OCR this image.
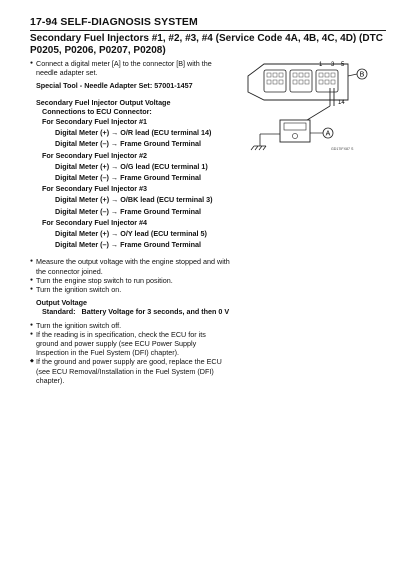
17-94 SELF-DIAGNOSIS SYSTEM
Secondary Fuel Injectors #1, #2, #3, #4 (Service Code 4A, 4B, 4C, 4D) (DTC P0205, P0206, P0207, P0208)
● Connect a digital meter [A] to the connector [B] with the needle adapter set.
Special Tool - Needle Adapter Set: 57001-1457
Secondary Fuel Injector Output Voltage
Connections to ECU Connector:
For Secondary Fuel Injector #1
Digital Meter (+) → O/R lead (ECU terminal 14)
Digital Meter (–) → Frame Ground Terminal
For Secondary Fuel Injector #2
Digital Meter (+) → O/G lead (ECU terminal 1)
Digital Meter (–) → Frame Ground Terminal
For Secondary Fuel Injector #3
Digital Meter (+) → O/BK lead (ECU terminal 3)
Digital Meter (–) → Frame Ground Terminal
For Secondary Fuel Injector #4
Digital Meter (+) → O/Y lead (ECU terminal 5)
Digital Meter (–) → Frame Ground Terminal
● Measure the output voltage with the engine stopped and with the connector joined.
● Turn the engine stop switch to run position.
● Turn the ignition switch on.
Output Voltage
Standard: Battery Voltage for 3 seconds, and then 0 V
● Turn the ignition switch off.
● If the reading is in specification, check the ECU for its ground and power supply (see ECU Power Supply Inspection in the Fuel System (DFI) chapter).
◆ If the ground and power supply are good, replace the ECU (see ECU Removal/Installation in the Fuel System (DFI) chapter).
1 3 5
14
B
A
GD17IFX87 S
